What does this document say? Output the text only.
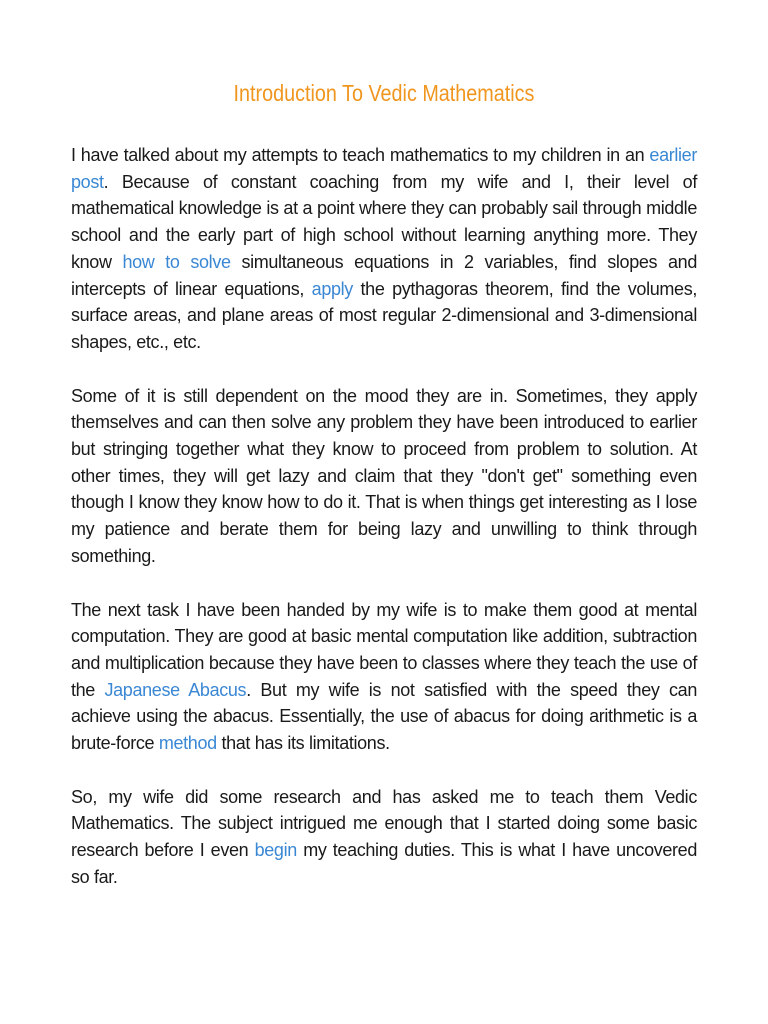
Introduction To Vedic Mathematics

I have talked about my attempts to teach mathematics to my children in an earlier post. Because of constant coaching from my wife and I, their level of mathematical knowledge is at a point where they can probably sail through middle school and the early part of high school without learning anything more. They know how to solve simultaneous equations in 2 variables, find slopes and intercepts of linear equations, apply the pythagoras theorem, find the volumes, surface areas, and plane areas of most regular 2-dimensional and 3-dimensional shapes, etc., etc.

Some of it is still dependent on the mood they are in. Sometimes, they apply themselves and can then solve any problem they have been introduced to earlier but stringing together what they know to proceed from problem to solution. At other times, they will get lazy and claim that they "don't get" something even though I know they know how to do it. That is when things get interesting as I lose my patience and berate them for being lazy and unwilling to think through something.

The next task I have been handed by my wife is to make them good at mental computation. They are good at basic mental computation like addition, subtraction and multiplication because they have been to classes where they teach the use of the Japanese Abacus. But my wife is not satisfied with the speed they can achieve using the abacus. Essentially, the use of abacus for doing arithmetic is a brute-force method that has its limitations.

So, my wife did some research and has asked me to teach them Vedic Mathematics. The subject intrigued me enough that I started doing some basic research before I even begin my teaching duties. This is what I have uncovered so far.
